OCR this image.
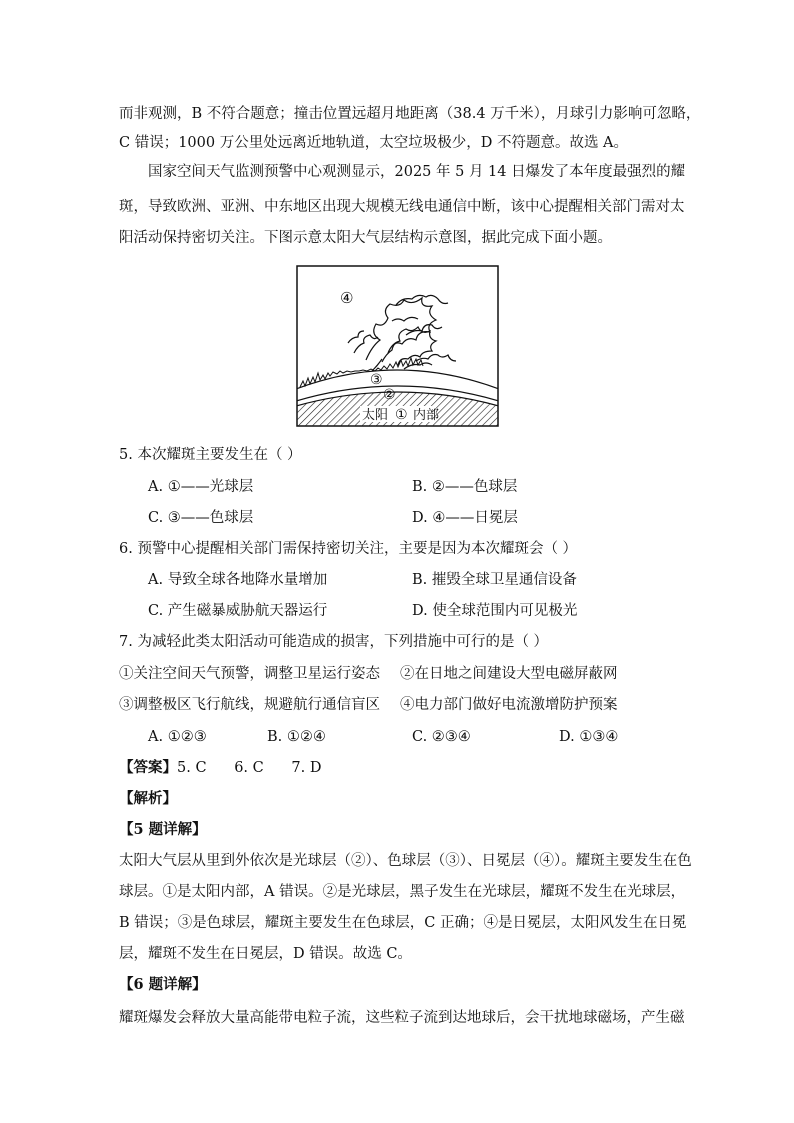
而非观测，B 不符合题意；撞击位置远超月地距离（38.4 万千米），月球引力影响可忽略，
C 错误；1000 万公里处远离近地轨道，太空垃圾极少，D 不符题意。故选 A。
国家空间天气监测预警中心观测显示，2025 年 5 月 14 日爆发了本年度最强烈的耀
斑，导致欧洲、亚洲、中东地区出现大规模无线电通信中断，该中心提醒相关部门需对太
阳活动保持密切关注。下图示意太阳大气层结构示意图，据此完成下面小题。
④
③
②
太阳 ① 内部
5. 本次耀斑主要发生在（ ）
A. ①——光球层	B. ②——色球层
C. ③——色球层	D. ④——日冕层
6. 预警中心提醒相关部门需保持密切关注，主要是因为本次耀斑会（ ）
A. 导致全球各地降水量增加	B. 摧毁全球卫星通信设备
C. 产生磁暴威胁航天器运行	D. 使全球范围内可见极光
7. 为减轻此类太阳活动可能造成的损害，下列措施中可行的是（ ）
①关注空间天气预警，调整卫星运行姿态 ②在日地之间建设大型电磁屏蔽网
③调整极区飞行航线，规避航行通信盲区 ④电力部门做好电流激增防护预案
A. ①②③	B. ①②④	C. ②③④	D. ①③④
【答案】5. C      6. C      7. D
【解析】
【5 题详解】
太阳大气层从里到外依次是光球层（②）、色球层（③）、日冕层（④）。耀斑主要发生在色
球层。①是太阳内部，A 错误。②是光球层，黑子发生在光球层，耀斑不发生在光球层，
B 错误；③是色球层，耀斑主要发生在色球层，C 正确；④是日冕层，太阳风发生在日冕
层，耀斑不发生在日冕层，D 错误。故选 C。
【6 题详解】
耀斑爆发会释放大量高能带电粒子流，这些粒子流到达地球后，会干扰地球磁场，产生磁
